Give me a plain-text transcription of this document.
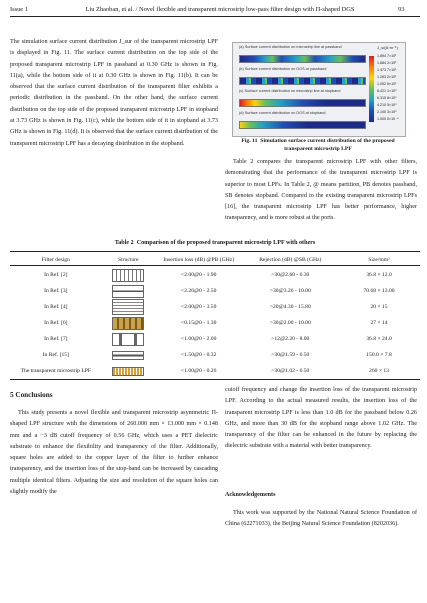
Issue 1	Liu Zhaoban, et al. / Novel flexible and transparent microstrip low-pass filter design with Π-shaped DGS	93

The simulation surface current distribution J_sur of the transparent microstrip LPF is displayed in Fig. 11. The surface current distribution on the top side of the proposed transparent microstrip LPF in passband at 0.30 GHz is shown in Fig. 11(a), while the bottom side of it at 0.30 GHz is shown in Fig. 11(b). It can be observed that the surface current distribution of the transparent filter exhibits a periodic distribution in the passband. On the other hand, the surface current distribution on the top side of the proposed transparent microstrip LPF in stopband at 3.73 GHz is shown in Fig. 11(c), while the bottom side of it in stopband at 3.73 GHz is shown in Fig. 11(d). It is observed that the surface current distribution of the transparent microstrip LPF has a decaying distribution in the stopband.

(a) Surface current distribution on microstrip line at passband
(b) Surface current distribution on DGS at passband
(c) Surface current distribution on microstrip line at stopband
(d) Surface current distribution on DGS at stopband
J_s/(A·m⁻¹)
1.894 7×10¹
1.684 2×10¹
1.473 7×10¹
1.263 2×10¹
1.052 6×10¹
8.421 1×10⁰
6.315 8×10⁰
4.210 5×10⁰
2.105 3×10⁰
1.000 0×10⁻⁴
Fig. 11 Simulation surface current distribution of the proposed transparent microstrip LPF

Table 2 compares the transparent microstrip LPF with other filters, demonstrating that the performance of the transparent microstrip LPF is superior to most LPFs. In Table 2, @ means partition, PB denotes passband, SB denotes stopband. Compared to the existing transparent microstrip LPFs [16], the transparent microstrip LPF has better performance, higher transparency, and is more robust at the ports.

Table 2 Comparison of the proposed transparent microstrip LPF with others
Filter design	Structure	Insertion loss (dB) @PB (GHz)	Rejection (dB) @SB (GHz)	Size/mm²
In Ref. [2]		<2.00@0 - 1.90	>30@2.60 - 6.30	36.8 × 12.0
In Ref. [3]		<2.26@0 - 2.50	>30@3.26 - 10.00	70.68 × 13.00
In Ref. [4]		<2.00@0 - 3.50	>20@4.30 - 15.80	20 × 15
In Ref. [6]		<0.15@0 - 1.30	>30@2.00 - 10.00	27 × 14
In Ref. [7]		<1.00@0 - 2.00	>12@2.20 - 8.00	36.8 × 24.0
In Ref. [15]		<1.50@0 - 0.32	>30@1.59 - 6.50	150.0 × 7.8
The transparent microstrip LPF		<1.00@0 - 0.26	>30@1.02 - 6.50	260 × 13
5 Conclusions

This study presents a novel flexible and transparent microstrip asymmetric Π-shaped LPF structure with the dimensions of 260.000 mm × 13.000 mm × 0.148 mm and a −3 dB cutoff frequency of 0.56 GHz, which uses a PET dielectric substrate to enhance the flexibility and transparency of the filter. Additionally, square holes are added to the copper layer of the filter to further enhance transparency, and the insertion loss of the stop-band can be increased by cascading multiple identical filters. Adjusting the size and resolution of the square holes can slightly modify the

cutoff frequency and change the insertion loss of the transparent microstrip LPF. According to the actual measured results, the insertion loss of the transparent microstrip LPF is less than 1.0 dB for the passband below 0.26 GHz, and more than 30 dB for the stopband range above 1.02 GHz. The transparency of the filter can be enhanced in the future by replacing the dielectric substrate with a material with better transparency.

Acknowledgements

This work was supported by the National Natural Science Foundation of China (62271033), the Beijing Natural Science Foundation (8202036).
